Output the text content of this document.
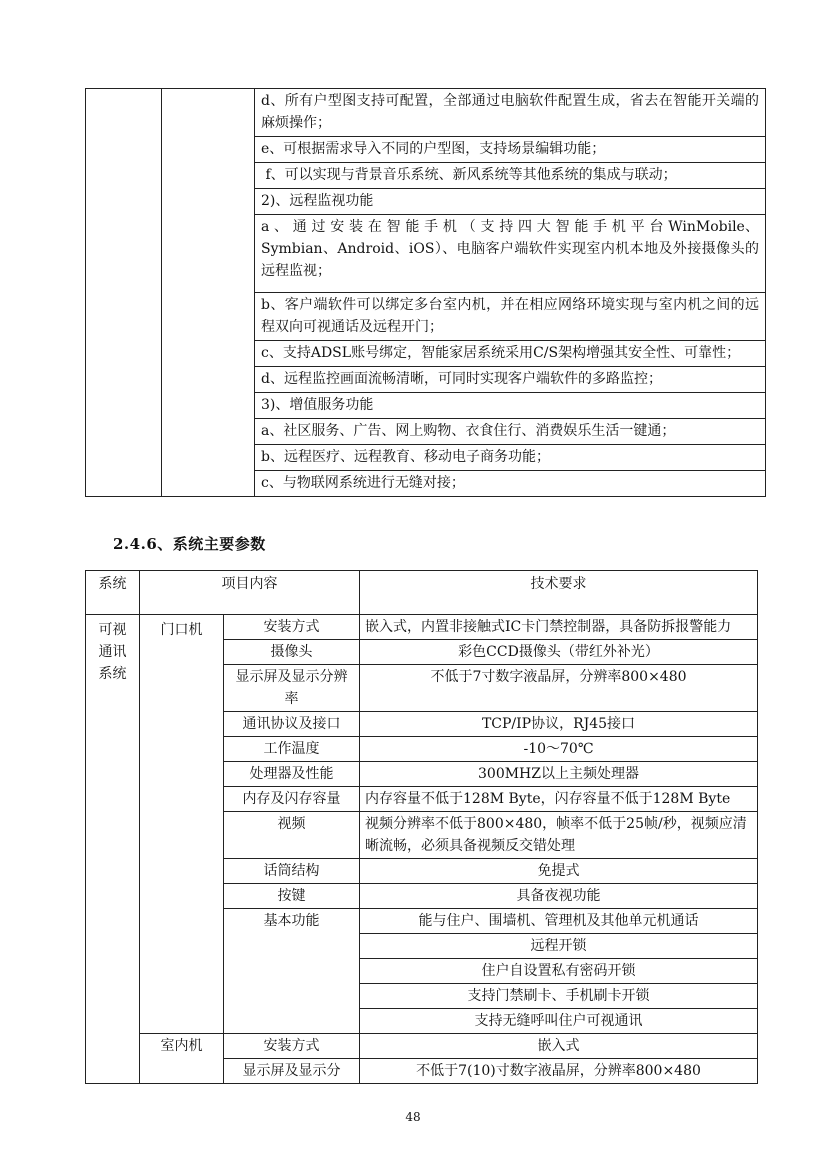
		d、所有户型图支持可配置，全部通过电脑软件配置生成，省去在智能开关端的麻烦操作；
e、可根据需求导入不同的户型图，支持场景编辑功能；
f、可以实现与背景音乐系统、新风系统等其他系统的集成与联动；
2)、远程监视功能
a 、 通 过 安 装 在 智 能 手 机 （ 支 持 四 大 智 能 手 机 平 台 WinMobile、Symbian、Android、iOS）、电脑客户端软件实现室内机本地及外接摄像头的远程监视；
b、客户端软件可以绑定多台室内机，并在相应网络环境实现与室内机之间的远程双向可视通话及远程开门；
c、支持ADSL账号绑定，智能家居系统采用C/S架构增强其安全性、可靠性；
d、远程监控画面流畅清晰，可同时实现客户端软件的多路监控；
3)、增值服务功能
a、社区服务、广告、网上购物、衣食住行、消费娱乐生活一键通；
b、远程医疗、远程教育、移动电子商务功能；
c、与物联网系统进行无缝对接；
2.4.6、系统主要参数
系统	项目内容		技术要求
可视通讯系统	门口机	安装方式	嵌入式，内置非接触式IC卡门禁控制器，具备防拆报警能力
		摄像头	彩色CCD摄像头（带红外补光）
		显示屏及显示分辨率	不低于7寸数字液晶屏，分辨率800×480
		通讯协议及接口	TCP/IP协议，RJ45接口
		工作温度	-10～70℃
		处理器及性能	300MHZ以上主频处理器
		内存及闪存容量	内存容量不低于128M Byte，闪存容量不低于128M Byte
		视频	视频分辨率不低于800×480，帧率不低于25帧/秒，视频应清晰流畅，必须具备视频反交错处理
		话筒结构	免提式
		按键	具备夜视功能
		基本功能	能与住户、围墙机、管理机及其他单元机通话
			远程开锁
			住户自设置私有密码开锁
			支持门禁刷卡、手机刷卡开锁
			支持无缝呼叫住户可视通讯
	室内机	安装方式	嵌入式
		显示屏及显示分	不低于7(10)寸数字液晶屏，分辨率800×480
48
